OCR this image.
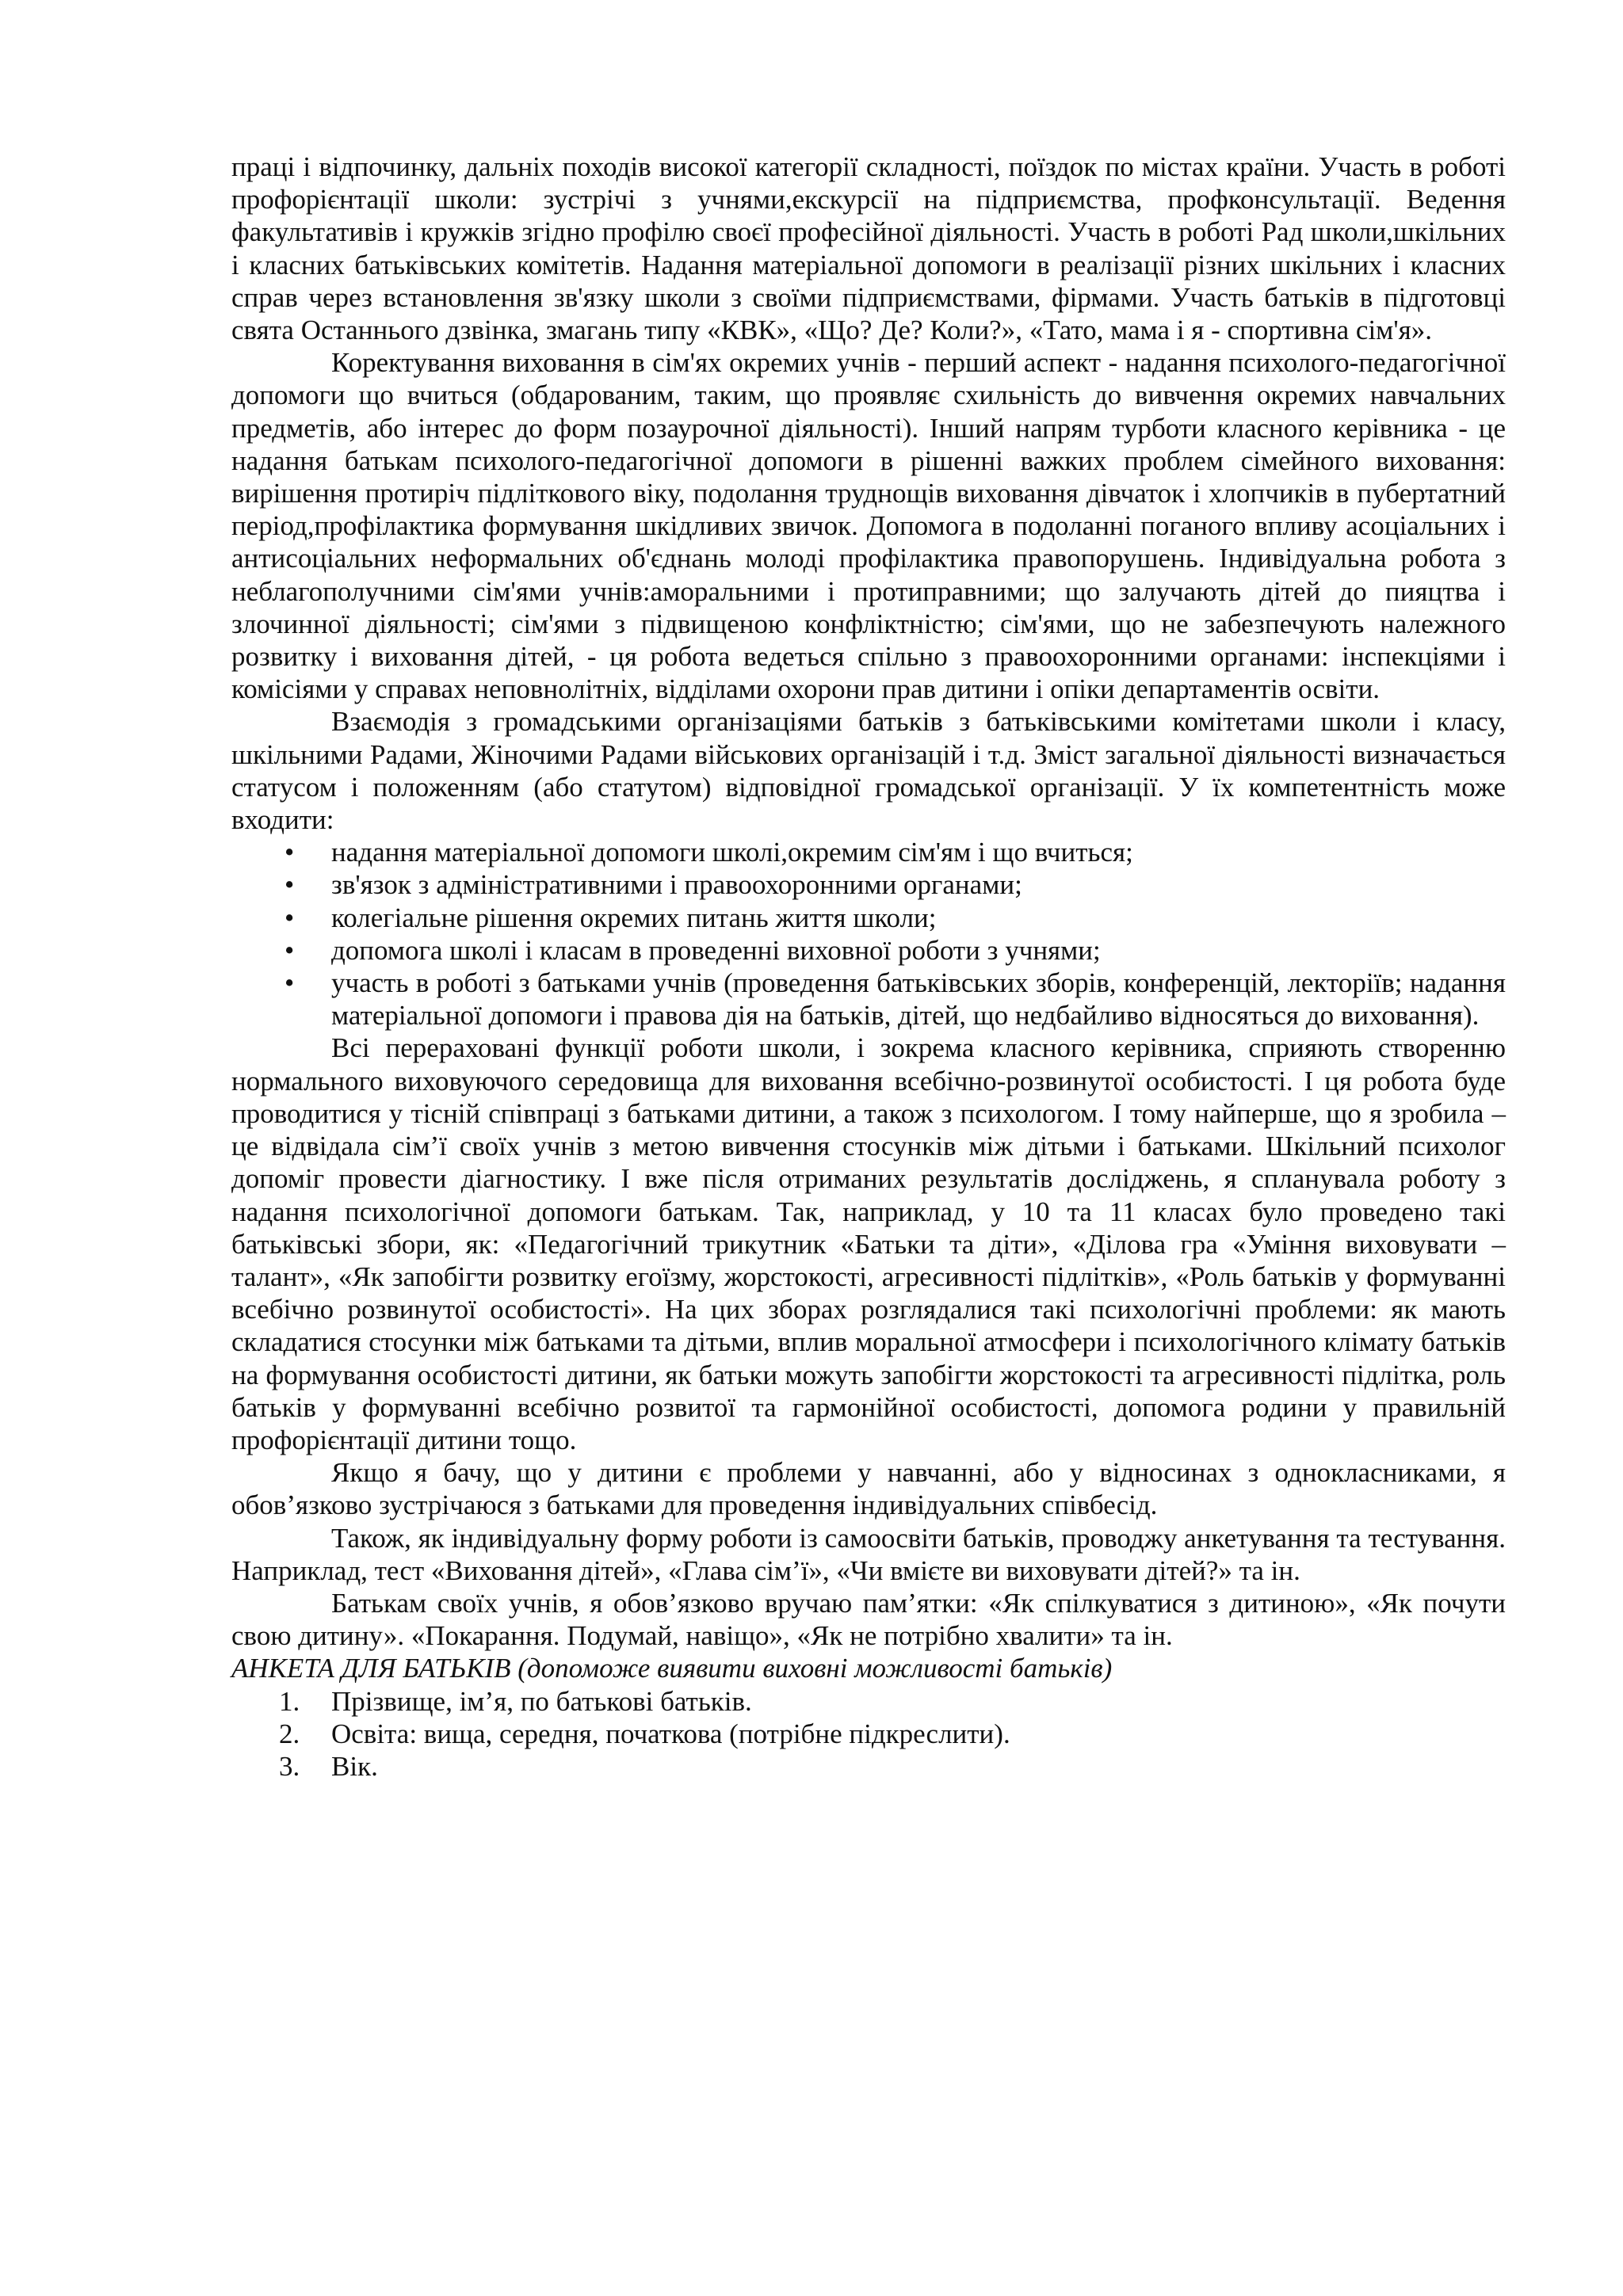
праці і відпочинку, дальніх походів високої категорії складності, поїздок по містах країни. Участь в роботі профорієнтації школи: зустрічі з учнями,екскурсії на підприємства, профконсультації. Ведення факультативів і кружків згідно профілю своєї професійної діяльності. Участь в роботі Рад школи,шкільних і класних батьківських комітетів. Надання матеріальної допомоги в реалізації різних шкільних і класних справ через встановлення зв'язку школи з своїми підприємствами, фірмами. Участь батьків в підготовці свята Останнього дзвінка, змагань типу «КВК», «Що? Де? Коли?», «Тато, мама і я - спортивна сім'я».

Коректування виховання в сім'ях окремих учнів - перший аспект - надання психолого-педагогічної допомоги що вчиться (обдарованим, таким, що проявляє схильність до вивчення окремих навчальних предметів, або інтерес до форм позаурочної діяльності). Інший напрям турботи класного керівника - це надання батькам психолого-педагогічної допомоги в рішенні важких проблем сімейного виховання: вирішення протиріч підліткового віку, подолання труднощів виховання дівчаток і хлопчиків в пубертатний період,профілактика формування шкідливих звичок. Допомога в подоланні поганого впливу асоціальних і антисоціальних неформальних об'єднань молоді профілактика правопорушень. Індивідуальна робота з неблагополучними сім'ями учнів:аморальними і протиправними; що залучають дітей до пияцтва і злочинної діяльності; сім'ями з підвищеною конфліктністю; сім'ями, що не забезпечують належного розвитку і виховання дітей, - ця робота ведеться спільно з правоохоронними органами: інспекціями і комісіями у справах неповнолітніх, відділами охорони прав дитини і опіки департаментів освіти.

Взаємодія з громадськими організаціями батьків з батьківськими комітетами школи і класу, шкільними Радами, Жіночими Радами військових організацій і т.д. Зміст загальної діяльності визначається статусом і положенням (або статутом) відповідної громадської організації. У їх компетентність може входити:

• надання матеріальної допомоги школі,окремим сім'ям і що вчиться;
• зв'язок з адміністративними і правоохоронними органами;
• колегіальне рішення окремих питань життя школи;
• допомога школі і класам в проведенні виховної роботи з учнями;
• участь в роботі з батьками учнів (проведення батьківських зборів, конференцій, лекторіїв; надання матеріальної допомоги і правова дія на батьків, дітей, що недбайливо відносяться до виховання).

Всі перераховані функції роботи школи, і зокрема класного керівника, сприяють створенню нормального виховуючого середовища для виховання всебічно-розвинутої особистості. І ця робота буде проводитися у тісній співпраці з батьками дитини, а також з психологом. І тому найперше, що я зробила – це відвідала сім’ї своїх учнів з метою вивчення стосунків між дітьми і батьками. Шкільний психолог допоміг провести діагностику. І вже після отриманих результатів досліджень, я спланувала роботу з надання психологічної допомоги батькам. Так, наприклад, у 10 та 11 класах було проведено такі батьківські збори, як: «Педагогічний трикутник «Батьки та діти», «Ділова гра «Уміння виховувати – талант», «Як запобігти розвитку егоїзму, жорстокості, агресивності підлітків», «Роль батьків у формуванні всебічно розвинутої особистості». На цих зборах розглядалися такі психологічні проблеми: як мають складатися стосунки між батьками та дітьми, вплив моральної атмосфери і психологічного клімату батьків на формування особистості дитини, як батьки можуть запобігти жорстокості та агресивності підлітка, роль батьків у формуванні всебічно розвитої та гармонійної особистості, допомога родини у правильній профорієнтації дитини тощо.

Якщо я бачу, що у дитини є проблеми у навчанні, або у відносинах з однокласниками, я обов’язково зустрічаюся з батьками для проведення індивідуальних співбесід.

Також, як індивідуальну форму роботи із самоосвіти батьків, проводжу анкетування та тестування. Наприклад, тест «Виховання дітей», «Глава сім’ї», «Чи вмієте ви виховувати дітей?» та ін.

Батькам своїх учнів, я обов’язково вручаю пам’ятки: «Як спілкуватися з дитиною», «Як почути свою дитину». «Покарання. Подумай, навіщо», «Як не потрібно хвалити» та ін.

АНКЕТА ДЛЯ БАТЬКІВ (допоможе виявити виховні можливості батьків)

1. Прізвище, ім’я, по батькові батьків.
2. Освіта: вища, середня, початкова (потрібне підкреслити).
3. Вік.
